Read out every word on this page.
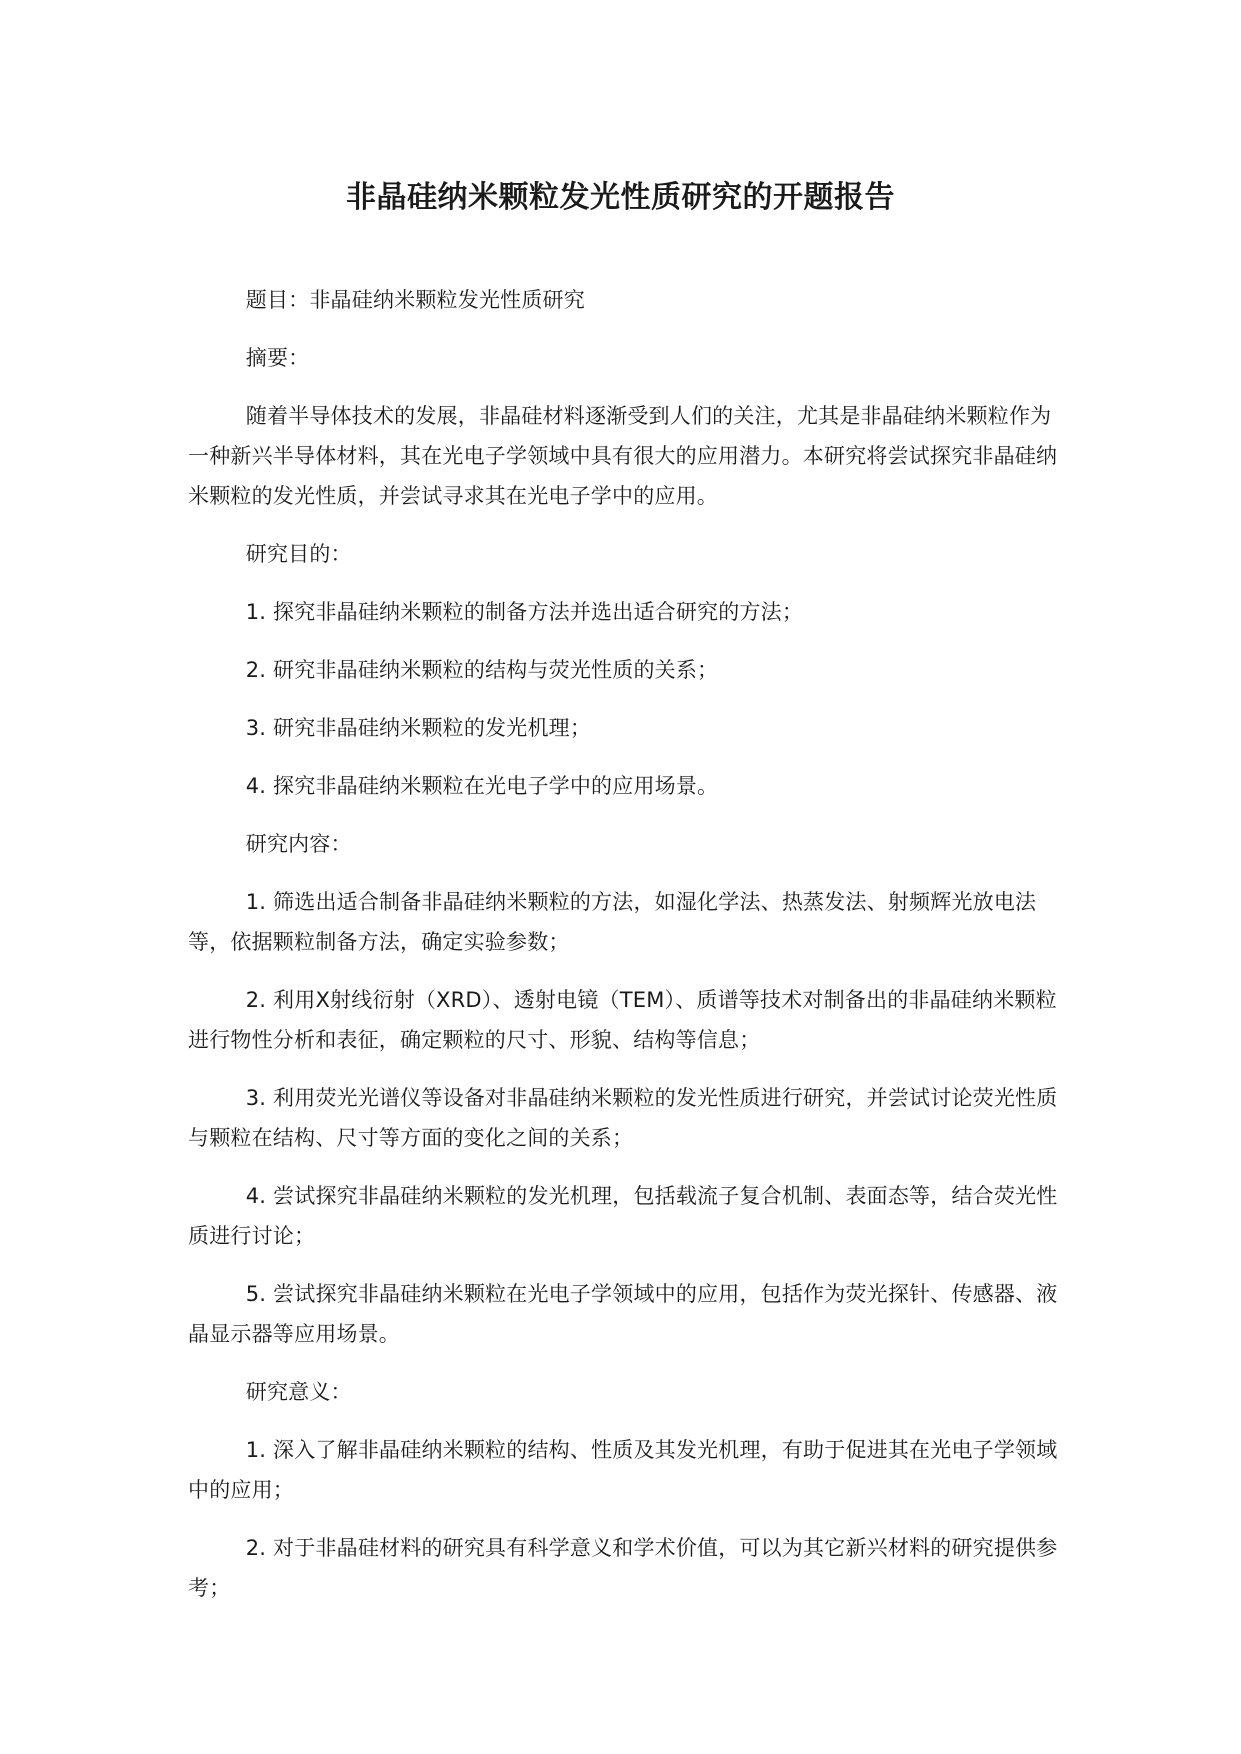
非晶硅纳米颗粒发光性质研究的开题报告

题目：非晶硅纳米颗粒发光性质研究

摘要：

随着半导体技术的发展，非晶硅材料逐渐受到人们的关注，尤其是非晶硅纳米颗粒作为一种新兴半导体材料，其在光电子学领域中具有很大的应用潜力。本研究将尝试探究非晶硅纳米颗粒的发光性质，并尝试寻求其在光电子学中的应用。

研究目的：

1. 探究非晶硅纳米颗粒的制备方法并选出适合研究的方法；

2. 研究非晶硅纳米颗粒的结构与荧光性质的关系；

3. 研究非晶硅纳米颗粒的发光机理；

4. 探究非晶硅纳米颗粒在光电子学中的应用场景。

研究内容：

1. 筛选出适合制备非晶硅纳米颗粒的方法，如湿化学法、热蒸发法、射频辉光放电法等，依据颗粒制备方法，确定实验参数；

2. 利用X射线衍射（XRD）、透射电镜（TEM）、质谱等技术对制备出的非晶硅纳米颗粒进行物性分析和表征，确定颗粒的尺寸、形貌、结构等信息；

3. 利用荧光光谱仪等设备对非晶硅纳米颗粒的发光性质进行研究，并尝试讨论荧光性质与颗粒在结构、尺寸等方面的变化之间的关系；

4. 尝试探究非晶硅纳米颗粒的发光机理，包括载流子复合机制、表面态等，结合荧光性质进行讨论；

5. 尝试探究非晶硅纳米颗粒在光电子学领域中的应用，包括作为荧光探针、传感器、液晶显示器等应用场景。

研究意义：

1. 深入了解非晶硅纳米颗粒的结构、性质及其发光机理，有助于促进其在光电子学领域中的应用；

2. 对于非晶硅材料的研究具有科学意义和学术价值，可以为其它新兴材料的研究提供参考；
